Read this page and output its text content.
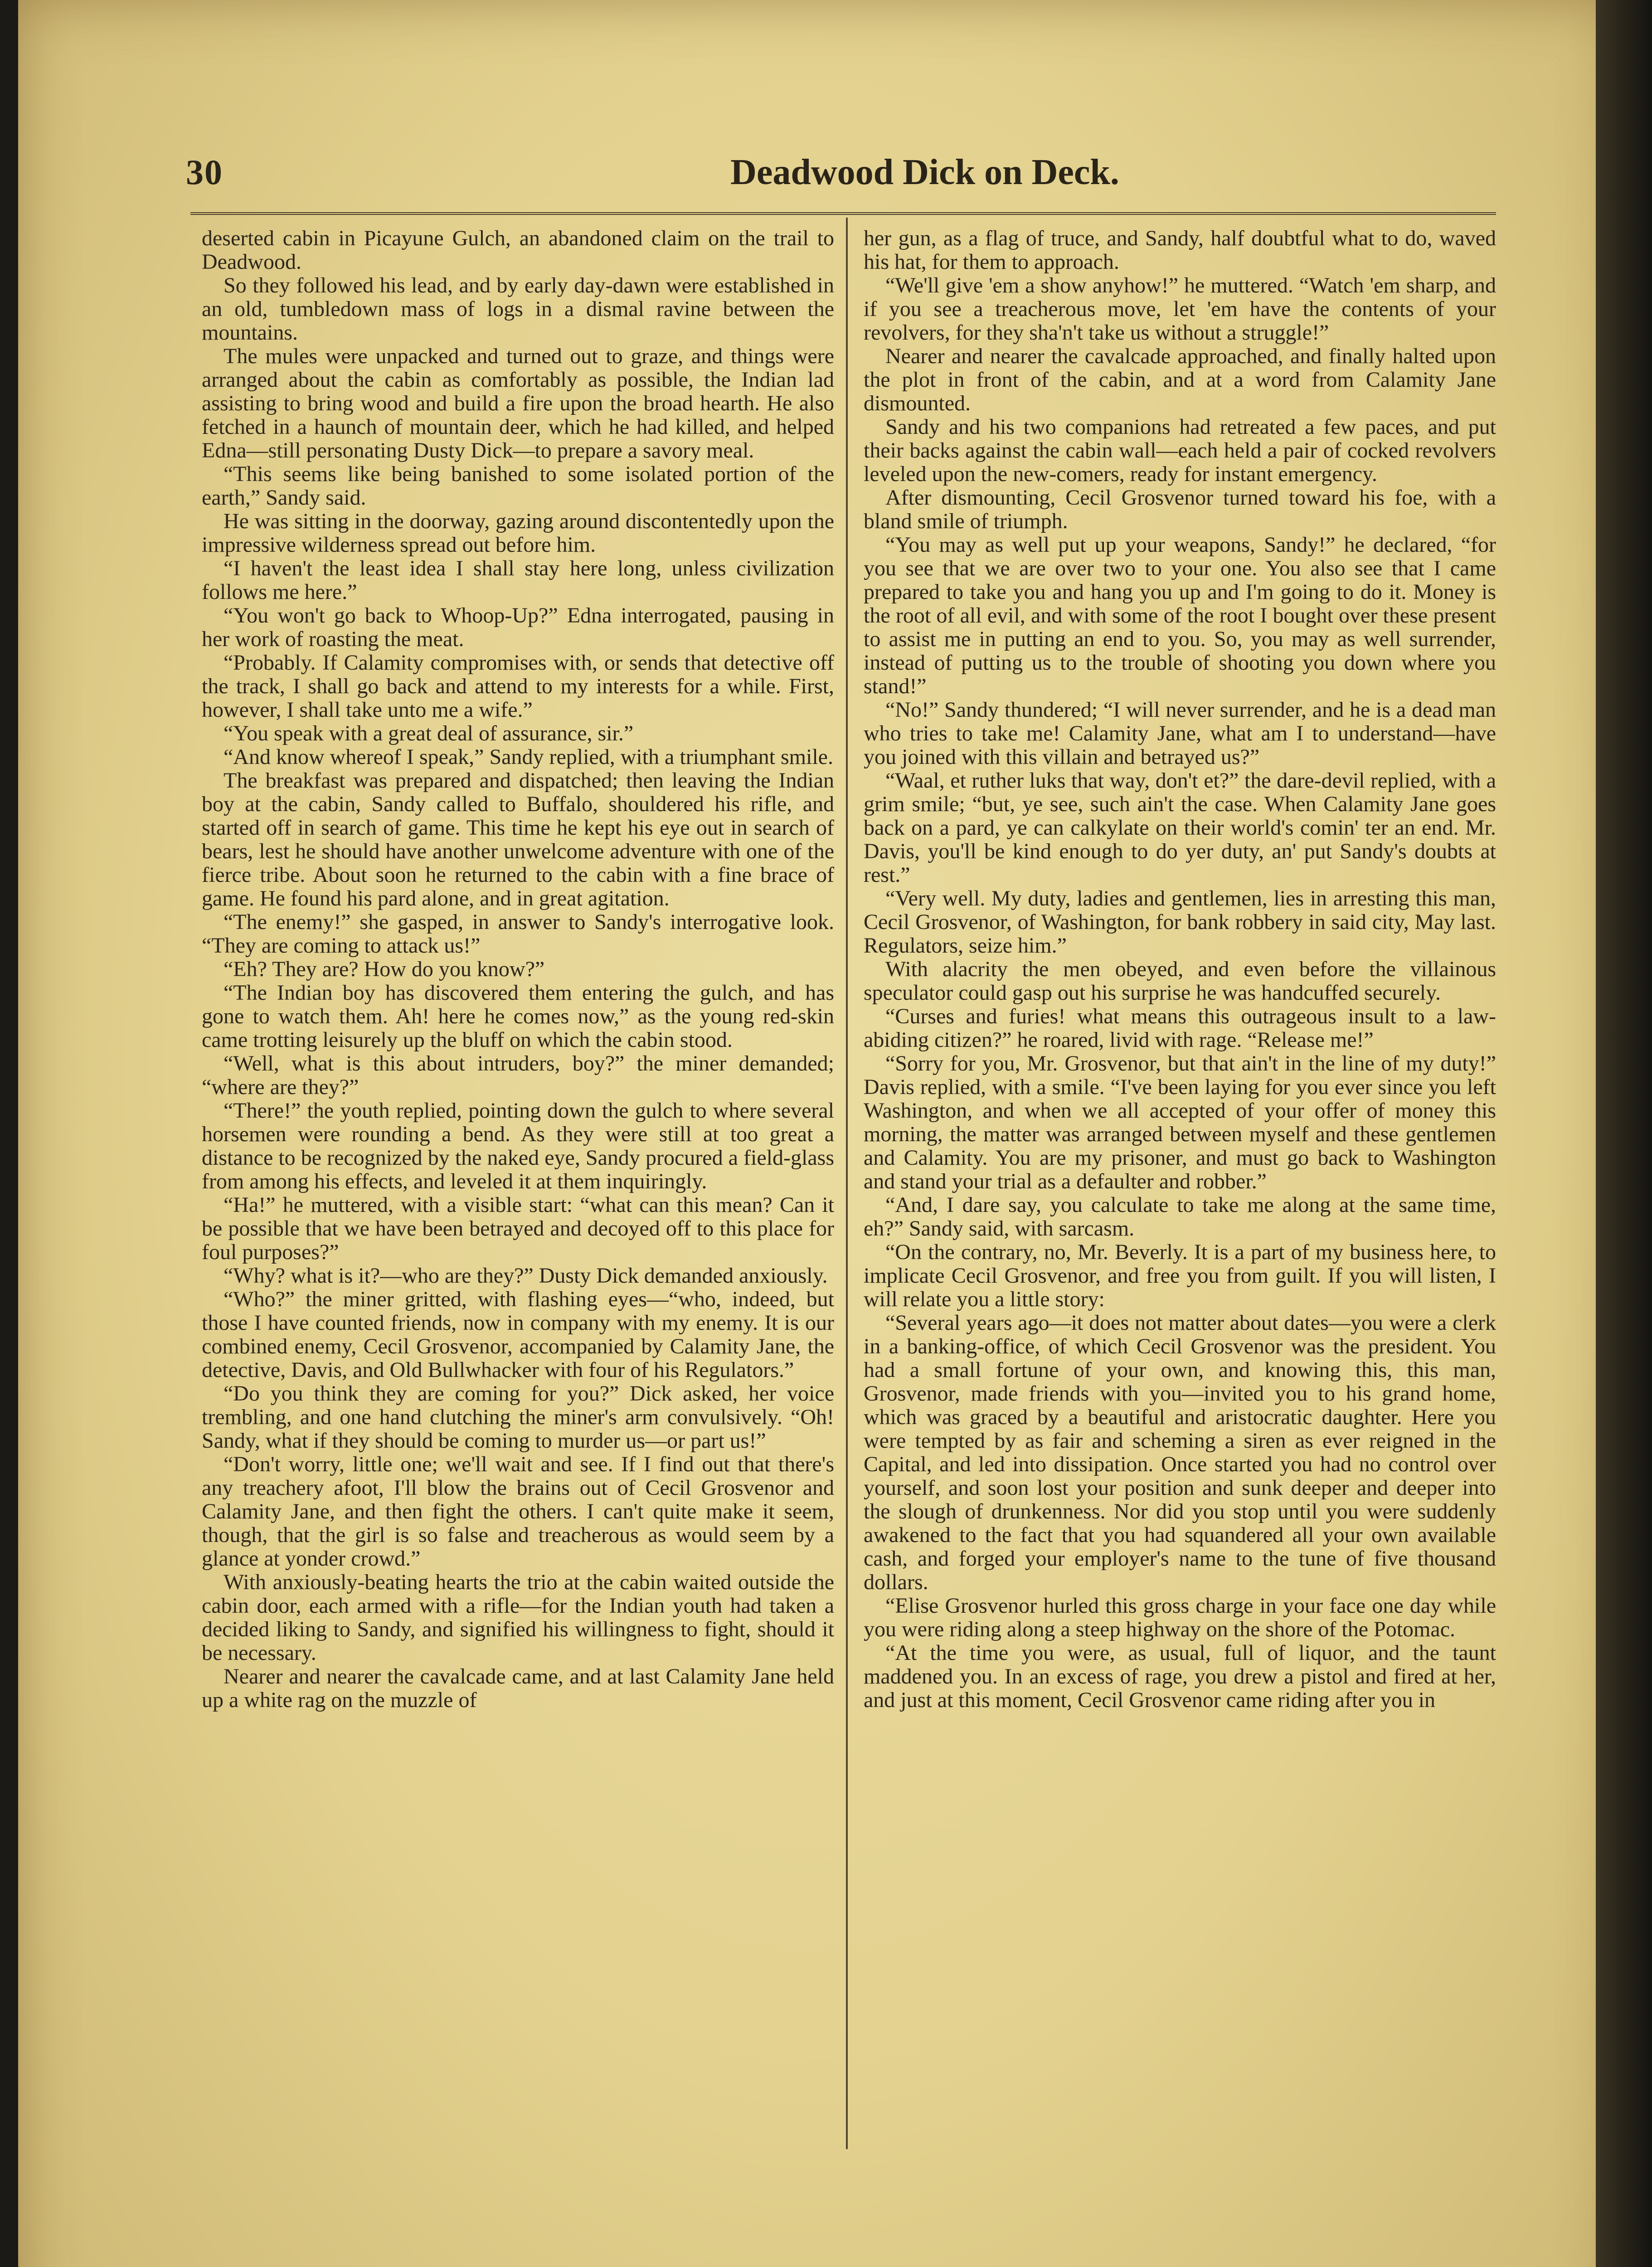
30	Deadwood Dick on Deck.

deserted cabin in Picayune Gulch, an abandoned claim on the trail to Deadwood.

So they followed his lead, and by early day-dawn were established in an old, tumbledown mass of logs in a dismal ravine between the mountains.

The mules were unpacked and turned out to graze, and things were arranged about the cabin as comfortably as possible, the Indian lad assisting to bring wood and build a fire upon the broad hearth. He also fetched in a haunch of mountain deer, which he had killed, and helped Edna—still personating Dusty Dick—to prepare a savory meal.

“This seems like being banished to some isolated portion of the earth,” Sandy said.

He was sitting in the doorway, gazing around discontentedly upon the impressive wilderness spread out before him.

“I haven't the least idea I shall stay here long, unless civilization follows me here.”

“You won't go back to Whoop-Up?” Edna interrogated, pausing in her work of roasting the meat.

“Probably. If Calamity compromises with, or sends that detective off the track, I shall go back and attend to my interests for a while. First, however, I shall take unto me a wife.”

“You speak with a great deal of assurance, sir.”

“And know whereof I speak,” Sandy replied, with a triumphant smile.

The breakfast was prepared and dispatched; then leaving the Indian boy at the cabin, Sandy called to Buffalo, shouldered his rifle, and started off in search of game. This time he kept his eye out in search of bears, lest he should have another unwelcome adventure with one of the fierce tribe. About soon he returned to the cabin with a fine brace of game. He found his pard alone, and in great agitation.

“The enemy!” she gasped, in answer to Sandy's interrogative look. “They are coming to attack us!”

“Eh? They are? How do you know?”

“The Indian boy has discovered them entering the gulch, and has gone to watch them. Ah! here he comes now,” as the young red-skin came trotting leisurely up the bluff on which the cabin stood.

“Well, what is this about intruders, boy?” the miner demanded; “where are they?”

“There!” the youth replied, pointing down the gulch to where several horsemen were rounding a bend. As they were still at too great a distance to be recognized by the naked eye, Sandy procured a field-glass from among his effects, and leveled it at them inquiringly.

“Ha!” he muttered, with a visible start: “what can this mean? Can it be possible that we have been betrayed and decoyed off to this place for foul purposes?”

“Why? what is it?—who are they?” Dusty Dick demanded anxiously.

“Who?” the miner gritted, with flashing eyes—“who, indeed, but those I have counted friends, now in company with my enemy. It is our combined enemy, Cecil Grosvenor, accompanied by Calamity Jane, the detective, Davis, and Old Bullwhacker with four of his Regulators.”

“Do you think they are coming for you?” Dick asked, her voice trembling, and one hand clutching the miner's arm convulsively. “Oh! Sandy, what if they should be coming to murder us—or part us!”

“Don't worry, little one; we'll wait and see. If I find out that there's any treachery afoot, I'll blow the brains out of Cecil Grosvenor and Calamity Jane, and then fight the others. I can't quite make it seem, though, that the girl is so false and treacherous as would seem by a glance at yonder crowd.”

With anxiously-beating hearts the trio at the cabin waited outside the cabin door, each armed with a rifle—for the Indian youth had taken a decided liking to Sandy, and signified his willingness to fight, should it be necessary.

Nearer and nearer the cavalcade came, and at last Calamity Jane held up a white rag on the muzzle of

her gun, as a flag of truce, and Sandy, half doubtful what to do, waved his hat, for them to approach.

“We'll give 'em a show anyhow!” he muttered. “Watch 'em sharp, and if you see a treacherous move, let 'em have the contents of your revolvers, for they sha'n't take us without a struggle!”

Nearer and nearer the cavalcade approached, and finally halted upon the plot in front of the cabin, and at a word from Calamity Jane dismounted.

Sandy and his two companions had retreated a few paces, and put their backs against the cabin wall—each held a pair of cocked revolvers leveled upon the new-comers, ready for instant emergency.

After dismounting, Cecil Grosvenor turned toward his foe, with a bland smile of triumph.

“You may as well put up your weapons, Sandy!” he declared, “for you see that we are over two to your one. You also see that I came prepared to take you and hang you up and I'm going to do it. Money is the root of all evil, and with some of the root I bought over these present to assist me in putting an end to you. So, you may as well surrender, instead of putting us to the trouble of shooting you down where you stand!”

“No!” Sandy thundered; “I will never surrender, and he is a dead man who tries to take me! Calamity Jane, what am I to understand—have you joined with this villain and betrayed us?”

“Waal, et ruther luks that way, don't et?” the dare-devil replied, with a grim smile; “but, ye see, such ain't the case. When Calamity Jane goes back on a pard, ye can calkylate on their world's comin' ter an end. Mr. Davis, you'll be kind enough to do yer duty, an' put Sandy's doubts at rest.”

“Very well. My duty, ladies and gentlemen, lies in arresting this man, Cecil Grosvenor, of Washington, for bank robbery in said city, May last. Regulators, seize him.”

With alacrity the men obeyed, and even before the villainous speculator could gasp out his surprise he was handcuffed securely.

“Curses and furies! what means this outrageous insult to a law-abiding citizen?” he roared, livid with rage. “Release me!”

“Sorry for you, Mr. Grosvenor, but that ain't in the line of my duty!” Davis replied, with a smile. “I've been laying for you ever since you left Washington, and when we all accepted of your offer of money this morning, the matter was arranged between myself and these gentlemen and Calamity. You are my prisoner, and must go back to Washington and stand your trial as a defaulter and robber.”

“And, I dare say, you calculate to take me along at the same time, eh?” Sandy said, with sarcasm.

“On the contrary, no, Mr. Beverly. It is a part of my business here, to implicate Cecil Grosvenor, and free you from guilt. If you will listen, I will relate you a little story:

“Several years ago—it does not matter about dates—you were a clerk in a banking-office, of which Cecil Grosvenor was the president. You had a small fortune of your own, and knowing this, this man, Grosvenor, made friends with you—invited you to his grand home, which was graced by a beautiful and aristocratic daughter. Here you were tempted by as fair and scheming a siren as ever reigned in the Capital, and led into dissipation. Once started you had no control over yourself, and soon lost your position and sunk deeper and deeper into the slough of drunkenness. Nor did you stop until you were suddenly awakened to the fact that you had squandered all your own available cash, and forged your employer's name to the tune of five thousand dollars.

“Elise Grosvenor hurled this gross charge in your face one day while you were riding along a steep highway on the shore of the Potomac.

“At the time you were, as usual, full of liquor, and the taunt maddened you. In an excess of rage, you drew a pistol and fired at her, and just at this moment, Cecil Grosvenor came riding after you in
